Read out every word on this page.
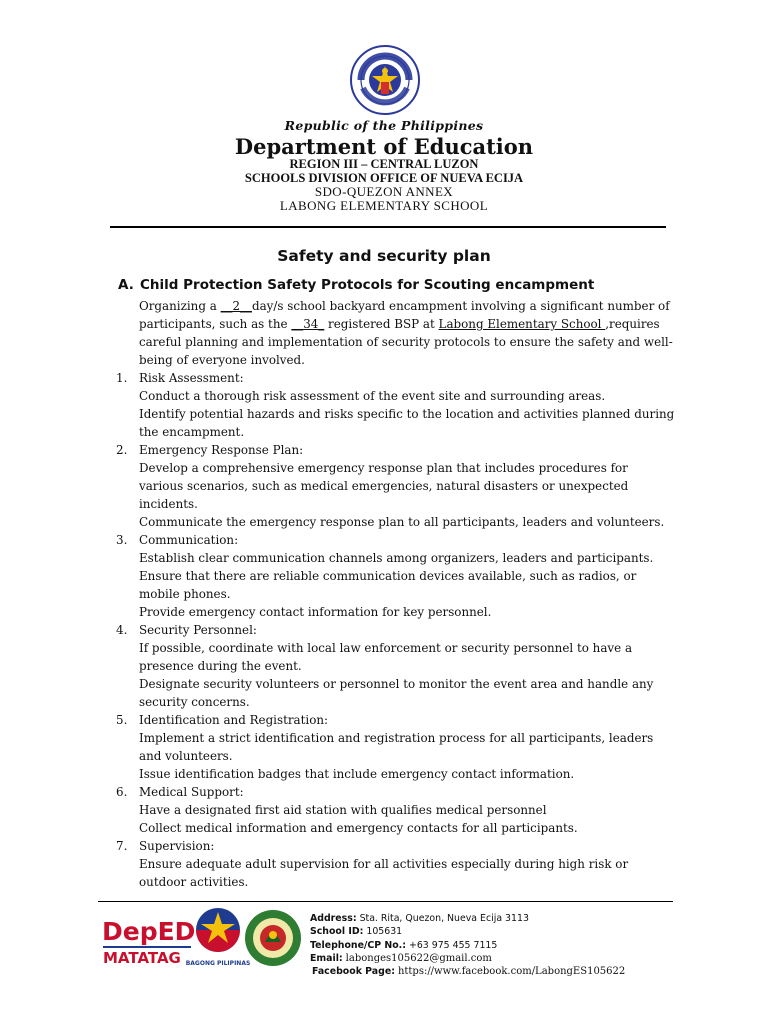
Republic of the Philippines
Department of Education
REGION III – CENTRAL LUZON
SCHOOLS DIVISION OFFICE OF NUEVA ECIJA
SDO-QUEZON ANNEX
LABONG ELEMENTARY SCHOOL
Safety and security plan
A. Child Protection Safety Protocols for Scouting encampment
Organizing a __2__day/s school backyard encampment involving a significant number of
participants, such as the __34_ registered BSP at Labong Elementary School ,requires
careful planning and implementation of security protocols to ensure the safety and well-
being of everyone involved.
1. Risk Assessment:
Conduct a thorough risk assessment of the event site and surrounding areas.
Identify potential hazards and risks specific to the location and activities planned during
the encampment.
2. Emergency Response Plan:
Develop a comprehensive emergency response plan that includes procedures for
various scenarios, such as medical emergencies, natural disasters or unexpected
incidents.
Communicate the emergency response plan to all participants, leaders and volunteers.
3. Communication:
Establish clear communication channels among organizers, leaders and participants.
Ensure that there are reliable communication devices available, such as radios, or
mobile phones.
Provide emergency contact information for key personnel.
4. Security Personnel:
If possible, coordinate with local law enforcement or security personnel to have a
presence during the event.
Designate security volunteers or personnel to monitor the event area and handle any
security concerns.
5. Identification and Registration:
Implement a strict identification and registration process for all participants, leaders
and volunteers.
Issue identification badges that include emergency contact information.
6. Medical Support:
Have a designated first aid station with qualifies medical personnel
Collect medical information and emergency contacts for all participants.
7. Supervision:
Ensure adequate adult supervision for all activities especially during high risk or
outdoor activities.
DepED
MATATAG BAGONG PILIPINAS
Address: Sta. Rita, Quezon, Nueva Ecija 3113
School ID: 105631
Telephone/CP No.: +63 975 455 7115
Email: labonges105622@gmail.com
Facebook Page: https://www.facebook.com/LabongES105622
